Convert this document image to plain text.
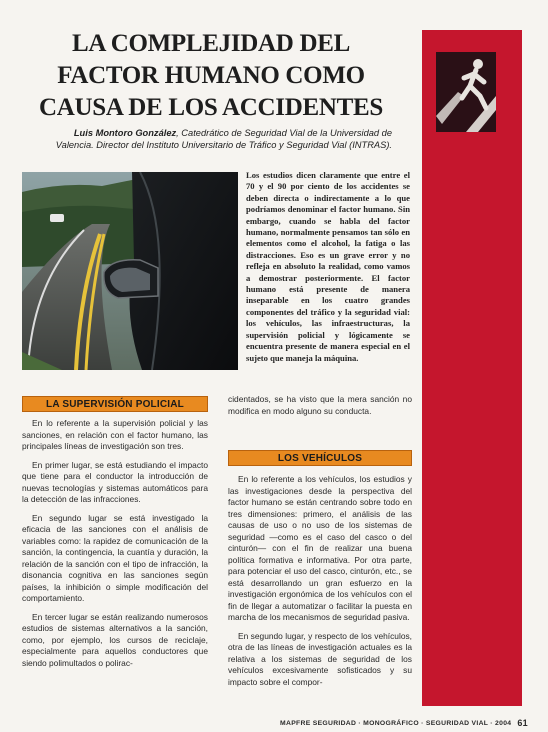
LA COMPLEJIDAD DEL
FACTOR HUMANO COMO
CAUSA DE LOS ACCIDENTES
Luis Montoro González, Catedrático de Seguridad Vial de la Universidad de Valencia. Director del Instituto Universitario de Tráfico y Seguridad Vial (INTRAS).
Los estudios dicen claramente que entre el 70 y el 90 por ciento de los accidentes se deben directa o indirectamente a lo que podríamos denominar el factor humano. Sin embargo, cuando se habla del factor humano, normalmente pensamos tan sólo en elementos como el alcohol, la fatiga o las distracciones. Eso es un grave error y no refleja en absoluto la realidad, como vamos a demostrar posteriormente. El factor humano está presente de manera inseparable en los cuatro grandes componentes del tráfico y la seguridad vial: los vehículos, las infraestructuras, la supervisión policial y lógicamente se encuentra presente de manera especial en el sujeto que maneja la máquina.
LA SUPERVISIÓN POLICIAL

En lo referente a la supervisión policial y las sanciones, en relación con el factor humano, las principales líneas de investigación son tres.

En primer lugar, se está estudiando el impacto que tiene para el conductor la introducción de nuevas tecnologías y sistemas automáticos para la detección de las infracciones.

En segundo lugar se está investigado la eficacia de las sanciones con el análisis de variables como: la rapidez de comunicación de la sanción, la contingencia, la cuantía y duración, la relación de la sanción con el tipo de infracción, la disonancia cognitiva en las sanciones según países, la inhibición o simple modificación del comportamiento.

En tercer lugar se están realizando numerosos estudios de sistemas alternativos a la sanción, como, por ejemplo, los cursos de reciclaje, especialmente para aquellos conductores que siendo polimultados o polirac-

cidentados, se ha visto que la mera sanción no modifica en modo alguno su conducta.

LOS VEHÍCULOS

En lo referente a los vehículos, los estudios y las investigaciones desde la perspectiva del factor humano se están centrando sobre todo en tres dimensiones: primero, el análisis de las causas de uso o no uso de los sistemas de seguridad —como es el caso del casco o del cinturón— con el fin de realizar una buena política formativa e informativa. Por otra parte, para potenciar el uso del casco, cinturón, etc., se está desarrollando un gran esfuerzo en la investigación ergonómica de los vehículos con el fin de llegar a automatizar o facilitar la puesta en marcha de los mecanismos de seguridad pasiva.

En segundo lugar, y respecto de los vehículos, otra de las líneas de investigación actuales es la relativa a los sistemas de seguridad de los vehículos excesivamente sofisticados y su impacto sobre el compor-

MAPFRE SEGURIDAD · MONOGRÁFICO · SEGURIDAD VIAL · 2004 61
